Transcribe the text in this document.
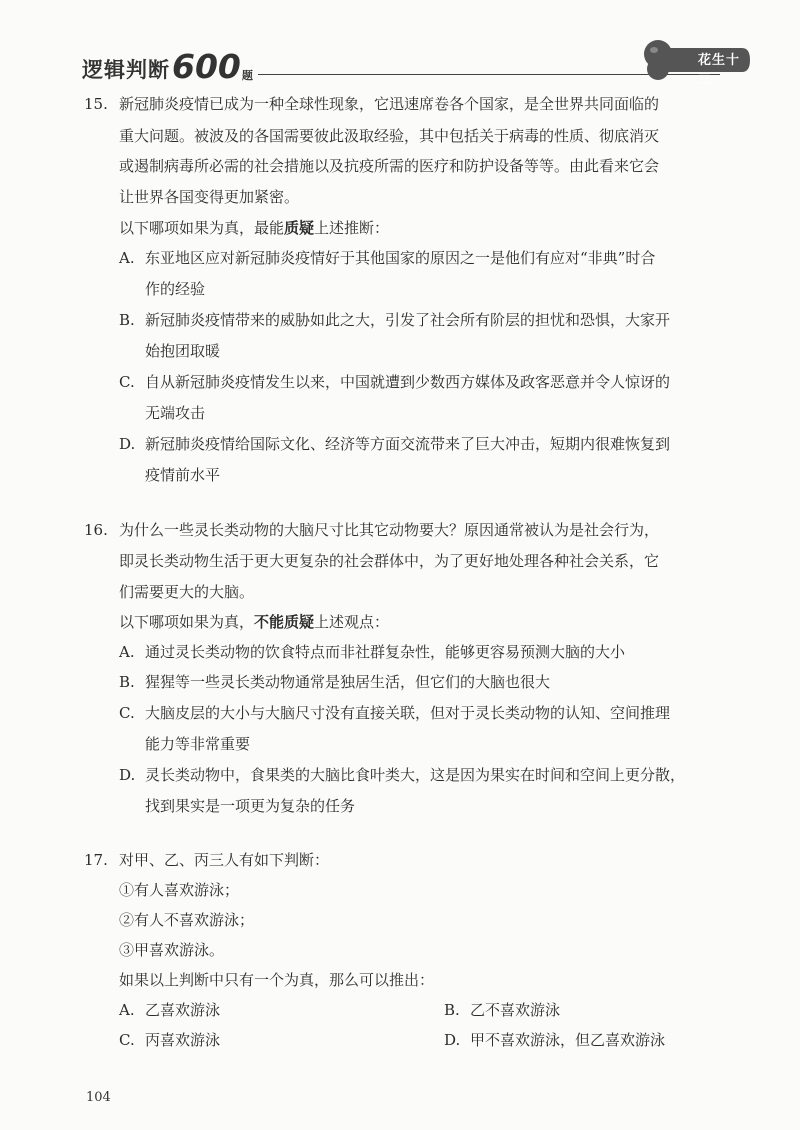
逻辑判断 600 题
花生十三
15. 新冠肺炎疫情已成为一种全球性现象，它迅速席卷各个国家，是全世界共同面临的
重大问题。被波及的各国需要彼此汲取经验，其中包括关于病毒的性质、彻底消灭
或遏制病毒所必需的社会措施以及抗疫所需的医疗和防护设备等等。由此看来它会
让世界各国变得更加紧密。
以下哪项如果为真，最能质疑上述推断：
A. 东亚地区应对新冠肺炎疫情好于其他国家的原因之一是他们有应对“非典”时合
作的经验
B. 新冠肺炎疫情带来的威胁如此之大，引发了社会所有阶层的担忧和恐惧，大家开
始抱团取暖
C. 自从新冠肺炎疫情发生以来，中国就遭到少数西方媒体及政客恶意并令人惊讶的
无端攻击
D. 新冠肺炎疫情给国际文化、经济等方面交流带来了巨大冲击，短期内很难恢复到
疫情前水平
16. 为什么一些灵长类动物的大脑尺寸比其它动物要大？原因通常被认为是社会行为，
即灵长类动物生活于更大更复杂的社会群体中，为了更好地处理各种社会关系，它
们需要更大的大脑。
以下哪项如果为真，不能质疑上述观点：
A. 通过灵长类动物的饮食特点而非社群复杂性，能够更容易预测大脑的大小
B. 猩猩等一些灵长类动物通常是独居生活，但它们的大脑也很大
C. 大脑皮层的大小与大脑尺寸没有直接关联，但对于灵长类动物的认知、空间推理
能力等非常重要
D. 灵长类动物中，食果类的大脑比食叶类大，这是因为果实在时间和空间上更分散，
找到果实是一项更为复杂的任务
17. 对甲、乙、丙三人有如下判断：
①有人喜欢游泳；
②有人不喜欢游泳；
③甲喜欢游泳。
如果以上判断中只有一个为真，那么可以推出：
A. 乙喜欢游泳	B. 乙不喜欢游泳
C. 丙喜欢游泳	D. 甲不喜欢游泳，但乙喜欢游泳
104
